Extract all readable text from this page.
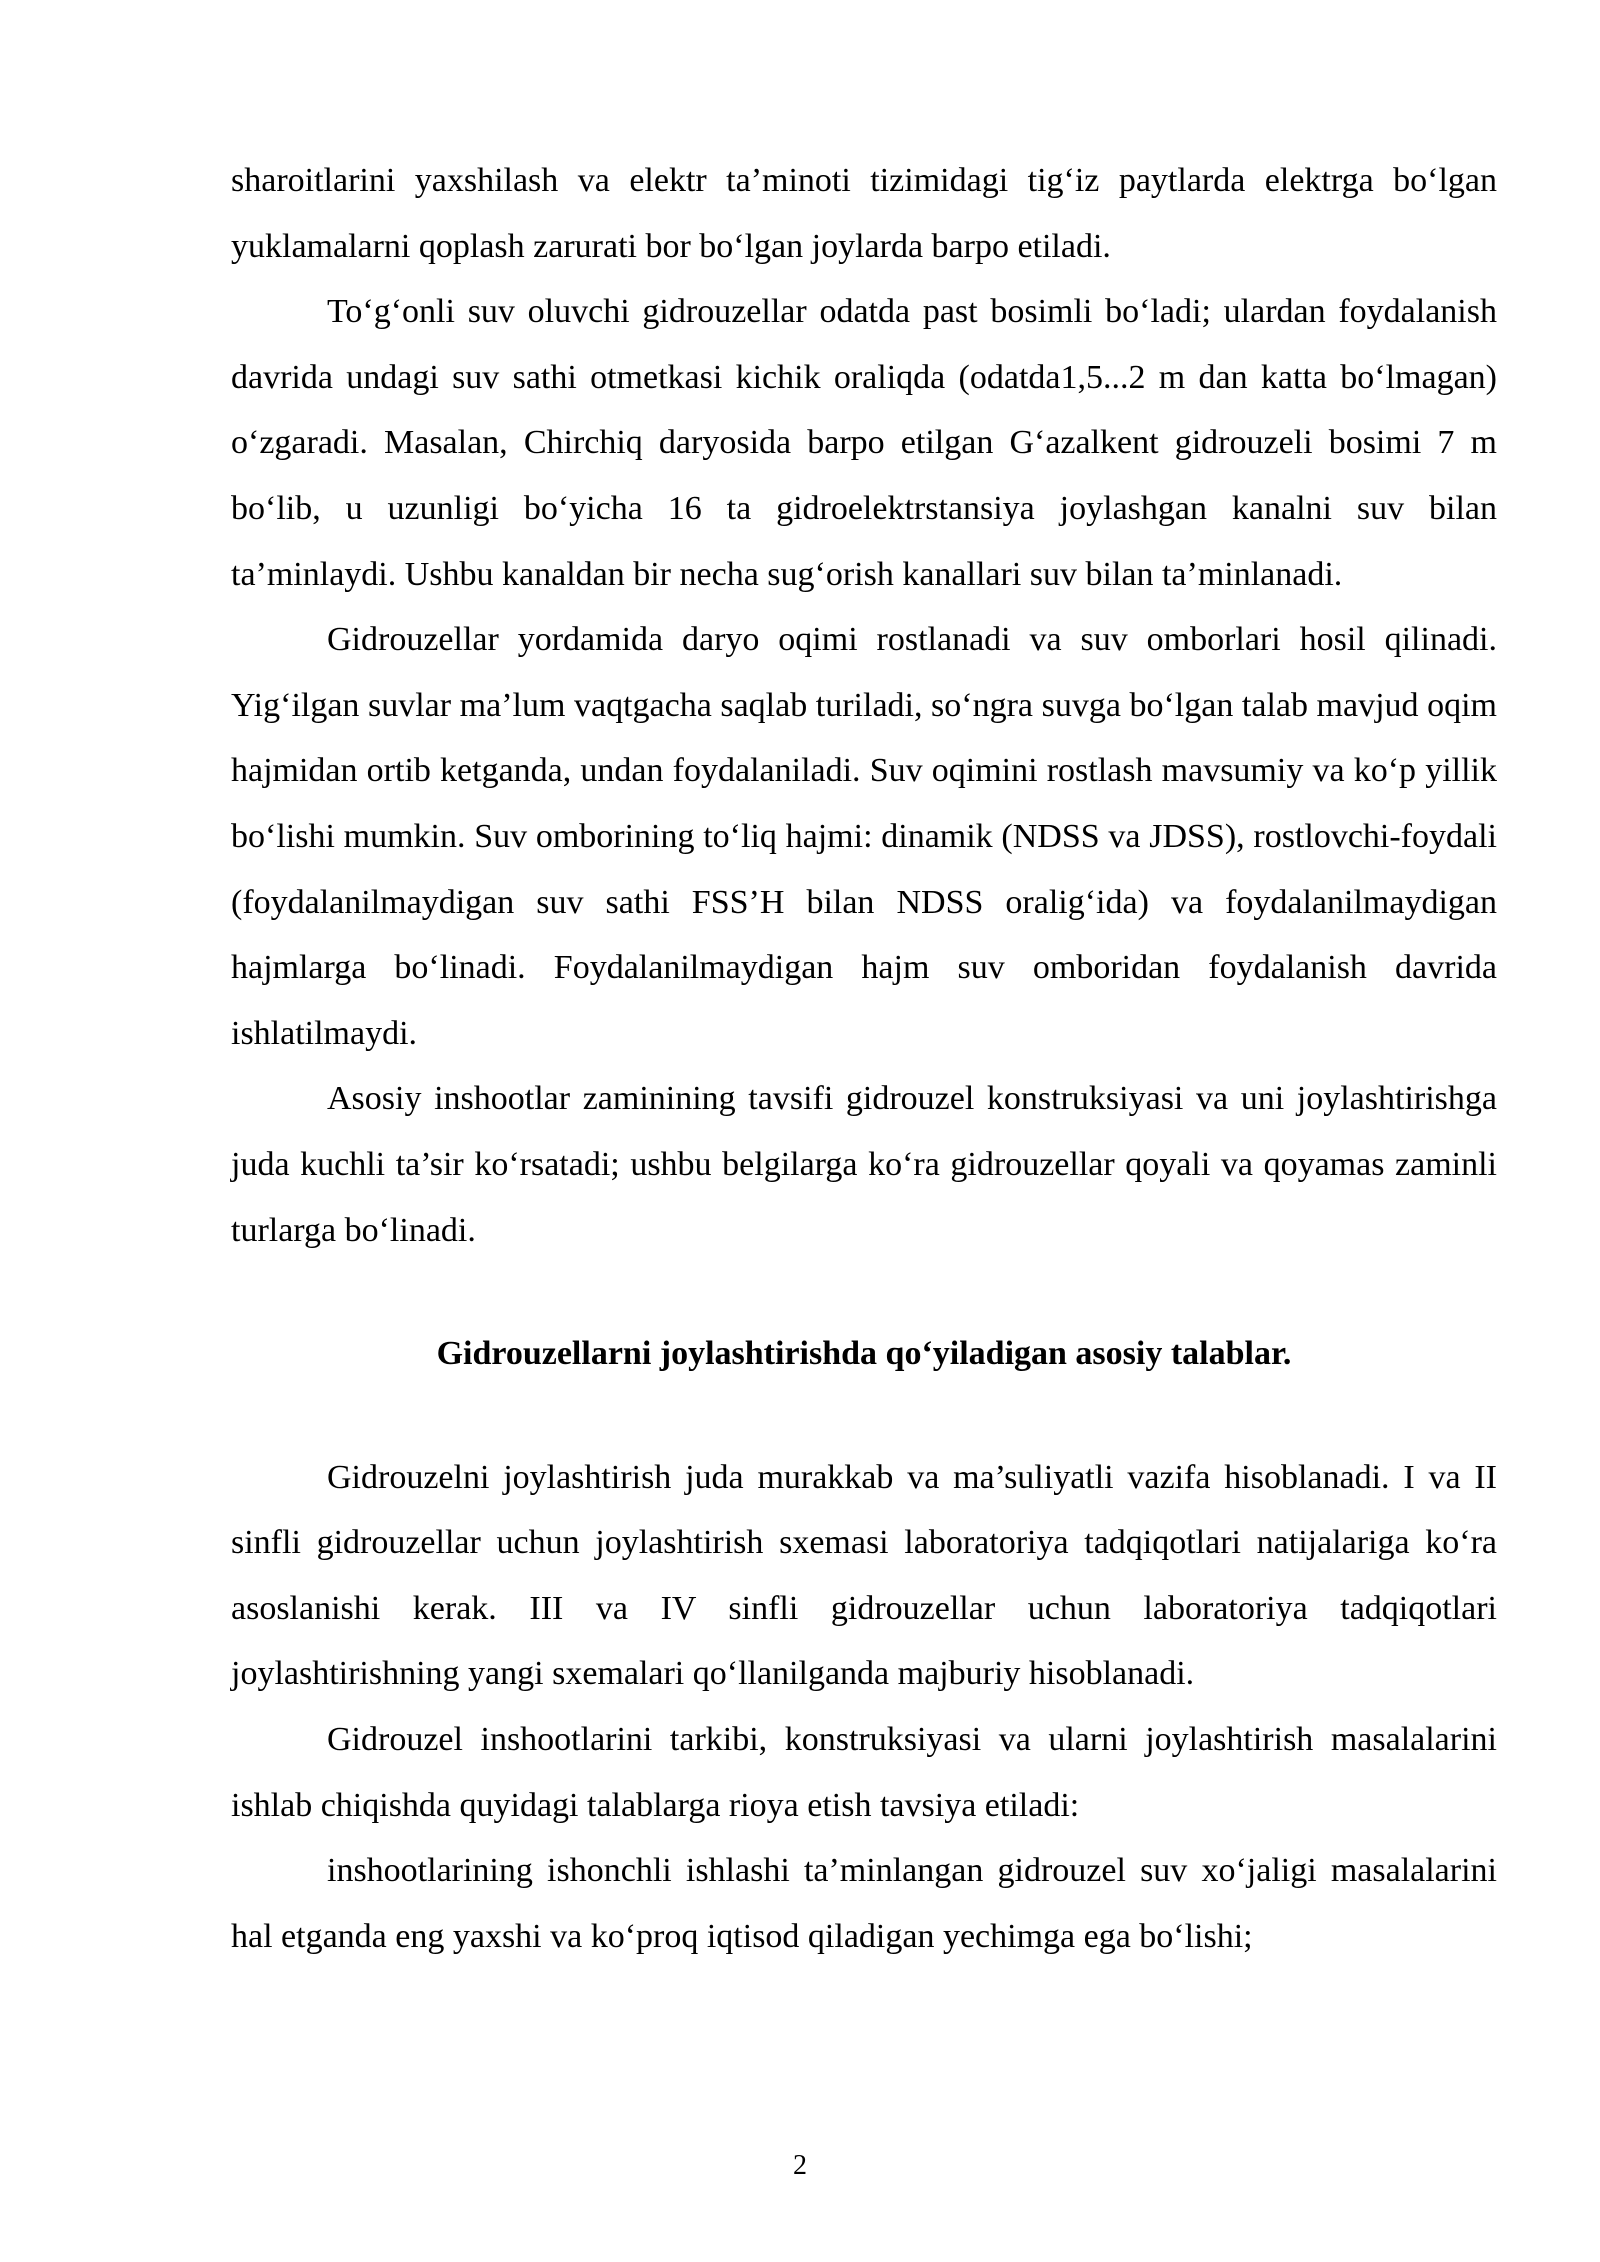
sharoitlarini yaxshilash va elektr ta’minoti tizimidagi tig‘iz paytlarda elektrga bo‘lgan yuklamalarni qoplash zarurati bor bo‘lgan joylarda barpo etiladi.

To‘g‘onli suv oluvchi gidrouzellar odatda past bosimli bo‘ladi; ulardan foydalanish davrida undagi suv sathi otmetkasi kichik oraliqda (odatda1,5...2 m dan katta bo‘lmagan) o‘zgaradi. Masalan, Chirchiq daryosida barpo etilgan G‘azalkent gidrouzeli bosimi 7 m bo‘lib, u uzunligi bo‘yicha 16 ta gidroelektrstansiya joylashgan kanalni suv bilan ta’minlaydi. Ushbu kanaldan bir necha sug‘orish kanallari suv bilan ta’minlanadi.

Gidrouzellar yordamida daryo oqimi rostlanadi va suv omborlari hosil qilinadi. Yig‘ilgan suvlar ma’lum vaqtgacha saqlab turiladi, so‘ngra suvga bo‘lgan talab mavjud oqim hajmidan ortib ketganda, undan foydalaniladi. Suv oqimini rostlash mavsumiy va ko‘p yillik bo‘lishi mumkin. Suv omborining to‘liq hajmi: dinamik (NDSS va JDSS), rostlovchi-foydali (foydalanilmaydigan suv sathi FSS’H bilan NDSS oralig‘ida) va foydalanilmaydigan hajmlarga bo‘linadi. Foydalanilmaydigan hajm suv omboridan foydalanish davrida ishlatilmaydi.

Asosiy inshootlar zaminining tavsifi gidrouzel konstruksiyasi va uni joylashtirishga juda kuchli ta’sir ko‘rsatadi; ushbu belgilarga ko‘ra gidrouzellar qoyali va qoyamas zaminli turlarga bo‘linadi.

Gidrouzellarni joylashtirishda qo‘yiladigan asosiy talablar.

Gidrouzelni joylashtirish juda murakkab va ma’suliyatli vazifa hisoblanadi. I va II sinfli gidrouzellar uchun joylashtirish sxemasi laboratoriya tadqiqotlari natijalariga ko‘ra asoslanishi kerak. III va IV sinfli gidrouzellar uchun laboratoriya tadqiqotlari joylashtirishning yangi sxemalari qo‘llanilganda majburiy hisoblanadi.

Gidrouzel inshootlarini tarkibi, konstruksiyasi va ularni joylashtirish masalalarini ishlab chiqishda quyidagi talablarga rioya etish tavsiya etiladi:

inshootlarining ishonchli ishlashi ta’minlangan gidrouzel suv xo‘jaligi masalalarini hal etganda eng yaxshi va ko‘proq iqtisod qiladigan yechimga ega bo‘lishi;

2
